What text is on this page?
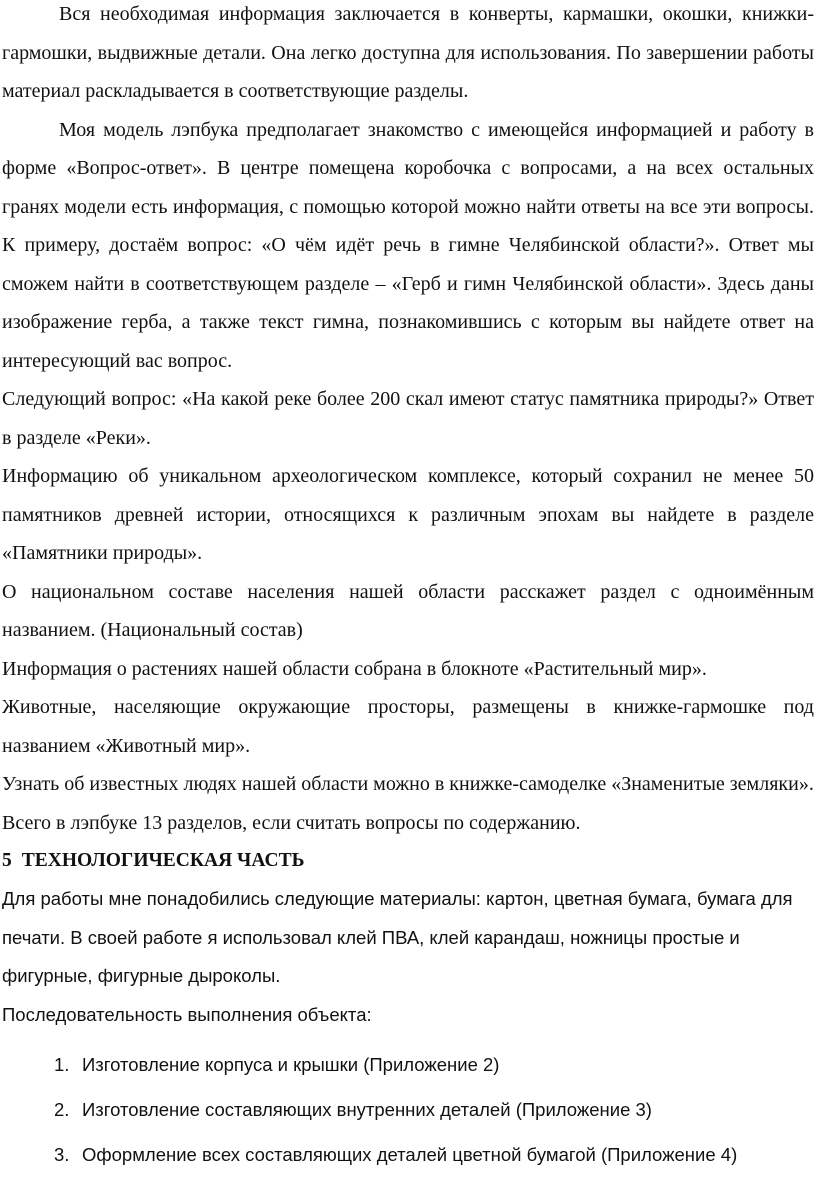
Вся необходимая информация заключается в конверты, кармашки, окошки, книжки-гармошки, выдвижные детали. Она легко доступна для использования. По завершении работы материал раскладывается в соответствующие разделы.

Моя модель лэпбука предполагает знакомство с имеющейся информацией и работу в форме «Вопрос-ответ». В центре помещена коробочка с вопросами, а на всех остальных гранях модели есть информация, с помощью которой можно найти ответы на все эти вопросы. К примеру, достаём вопрос: «О чём идёт речь в гимне Челябинской области?». Ответ мы сможем найти в соответствующем разделе – «Герб и гимн Челябинской области». Здесь даны изображение герба, а также текст гимна, познакомившись с которым вы найдете ответ на интересующий вас вопрос.

Следующий вопрос: «На какой реке более 200 скал имеют статус памятника природы?» Ответ в разделе «Реки».

Информацию об уникальном археологическом комплексе, который сохранил не менее 50 памятников древней истории, относящихся к различным эпохам вы найдете в разделе «Памятники природы».

О национальном составе населения нашей области расскажет раздел с одноимённым названием. (Национальный состав)

Информация о растениях нашей области собрана в блокноте «Растительный мир».

Животные, населяющие окружающие просторы, размещены в книжке-гармошке под названием «Животный мир».

Узнать об известных людях нашей области можно в книжке-самоделке «Знаменитые земляки».

Всего в лэпбуке 13 разделов, если считать вопросы по содержанию.

5 ТЕХНОЛОГИЧЕСКАЯ ЧАСТЬ

Для работы мне понадобились следующие материалы: картон, цветная бумага, бумага для печати. В своей работе я использовал клей ПВА, клей карандаш, ножницы простые и фигурные, фигурные дыроколы.

Последовательность выполнения объекта:

1. Изготовление корпуса и крышки (Приложение 2)
2. Изготовление составляющих внутренних деталей (Приложение 3)
3. Оформление всех составляющих деталей цветной бумагой (Приложение 4)
